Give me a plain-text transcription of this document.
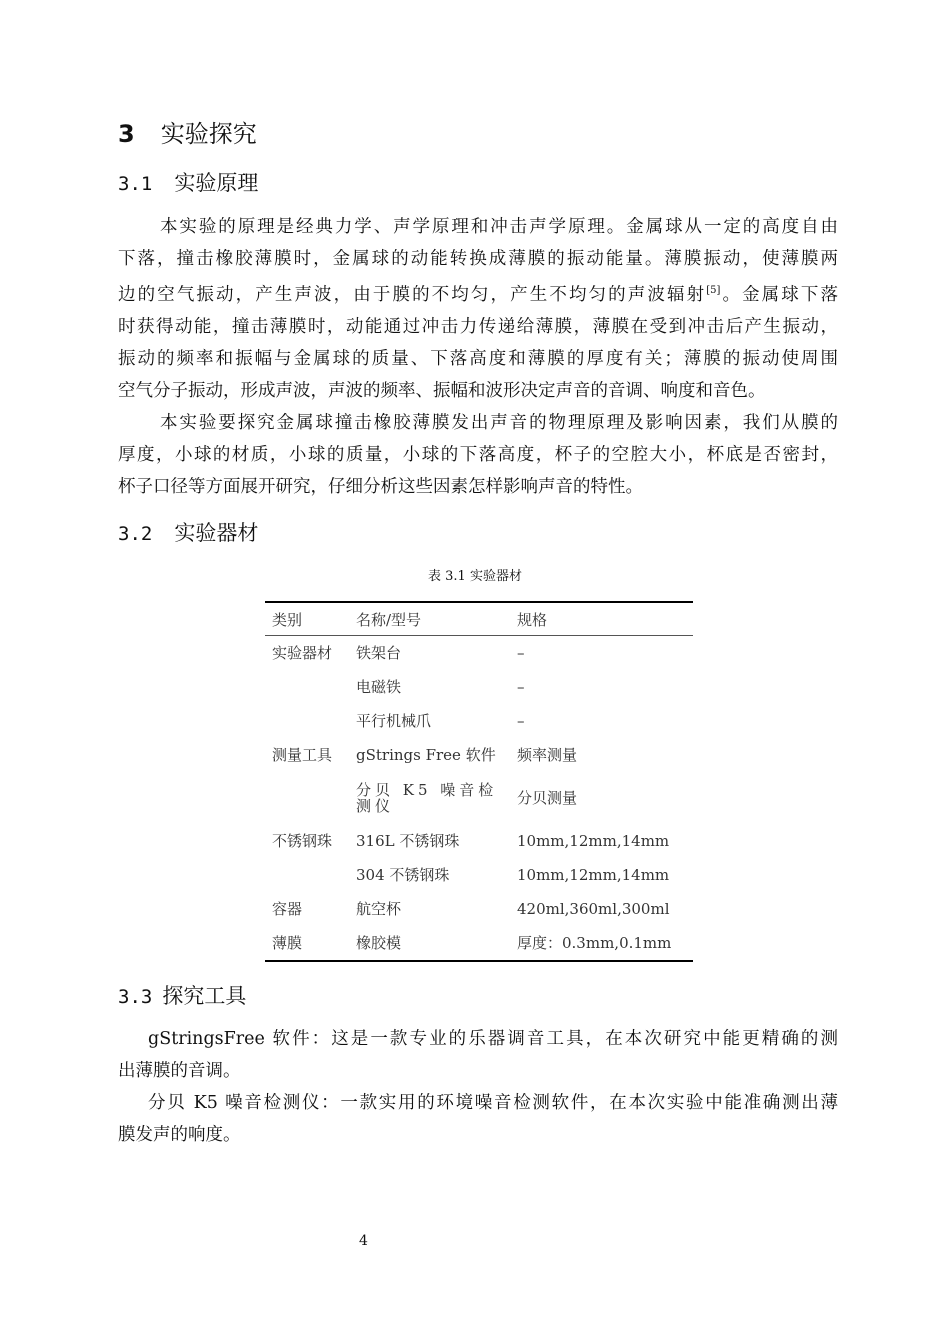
3 实验探究
3.1 实验原理
本实验的原理是经典力学、声学原理和冲击声学原理。金属球从一定的高度自由
下落，撞击橡胶薄膜时，金属球的动能转换成薄膜的振动能量。薄膜振动，使薄膜两
边的空气振动，产生声波，由于膜的不均匀，产生不均匀的声波辐射[5]。金属球下落
时获得动能，撞击薄膜时，动能通过冲击力传递给薄膜，薄膜在受到冲击后产生振动，
振动的频率和振幅与金属球的质量、下落高度和薄膜的厚度有关；薄膜的振动使周围
空气分子振动，形成声波，声波的频率、振幅和波形决定声音的音调、响度和音色。
本实验要探究金属球撞击橡胶薄膜发出声音的物理原理及影响因素，我们从膜的
厚度，小球的材质，小球的质量，小球的下落高度，杯子的空腔大小，杯底是否密封，
杯子口径等方面展开研究，仔细分析这些因素怎样影响声音的特性。
3.2 实验器材
表 3.1 实验器材
类别	名称/型号	规格
实验器材	铁架台	–
	电磁铁	–
	平行机械爪	–
测量工具	gStrings Free 软件	频率测量
	分贝 K5 噪音检测仪	分贝测量
不锈钢珠	316L 不锈钢珠	10mm,12mm,14mm
	304 不锈钢珠	10mm,12mm,14mm
容器	航空杯	420ml,360ml,300ml
薄膜	橡胶模	厚度：0.3mm,0.1mm
3.3 探究工具
gStringsFree 软件：这是一款专业的乐器调音工具，在本次研究中能更精确的测
出薄膜的音调。
分贝 K5 噪音检测仪：一款实用的环境噪音检测软件，在本次实验中能准确测出薄
膜发声的响度。
4
